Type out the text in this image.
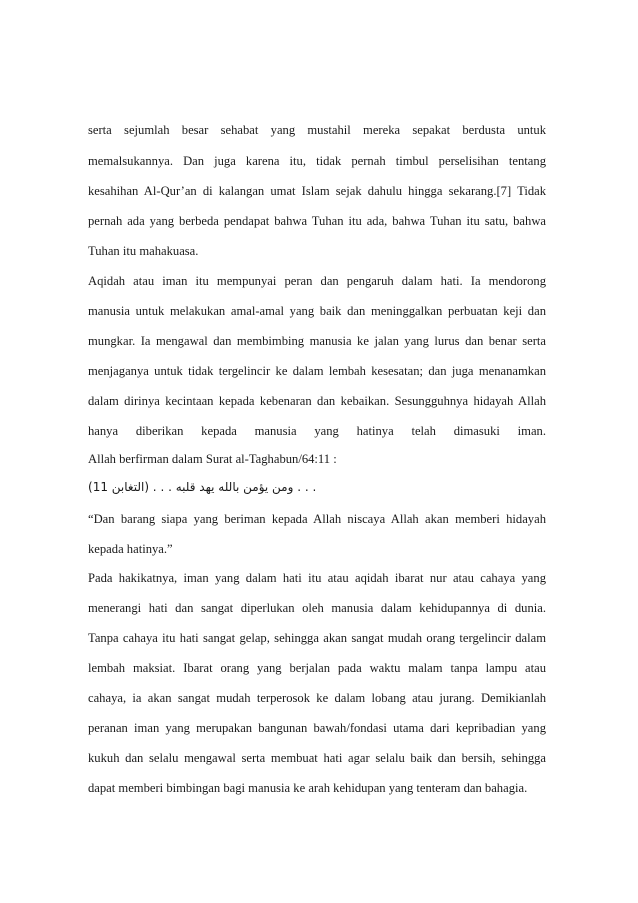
serta sejumlah besar sehabat yang mustahil mereka sepakat berdusta untuk
memalsukannya. Dan juga karena itu, tidak pernah timbul perselisihan tentang
kesahihan Al-Qur’an di kalangan umat Islam sejak dahulu hingga sekarang.[7] Tidak
pernah ada yang berbeda pendapat bahwa Tuhan itu ada, bahwa Tuhan itu satu, bahwa
Tuhan itu mahakuasa.
Aqidah atau iman itu mempunyai peran dan pengaruh dalam hati. Ia mendorong
manusia untuk melakukan amal-amal yang baik dan meninggalkan perbuatan keji dan
mungkar. Ia mengawal dan membimbing manusia ke jalan yang lurus dan benar serta
menjaganya untuk tidak tergelincir ke dalam lembah kesesatan; dan juga menanamkan
dalam dirinya kecintaan kepada kebenaran dan kebaikan. Sesungguhnya hidayah Allah
hanya diberikan kepada manusia yang hatinya telah dimasuki iman.
Allah berfirman dalam Surat al-Taghabun/64:11 :
. . . ومن يؤمن بالله يهد قلبه . . . (التغابن 11)
“Dan barang siapa yang beriman kepada Allah niscaya Allah akan memberi hidayah
kepada hatinya.”
Pada hakikatnya, iman yang dalam hati itu atau aqidah ibarat nur atau cahaya yang
menerangi hati dan sangat diperlukan oleh manusia dalam kehidupannya di dunia.
Tanpa cahaya itu hati sangat gelap, sehingga akan sangat mudah orang tergelincir dalam
lembah maksiat. Ibarat orang yang berjalan pada waktu malam tanpa lampu atau
cahaya, ia akan sangat mudah terperosok ke dalam lobang atau jurang. Demikianlah
peranan iman yang merupakan bangunan bawah/fondasi utama dari kepribadian yang
kukuh dan selalu mengawal serta membuat hati agar selalu baik dan bersih, sehingga
dapat memberi bimbingan bagi manusia ke arah kehidupan yang tenteram dan bahagia.
